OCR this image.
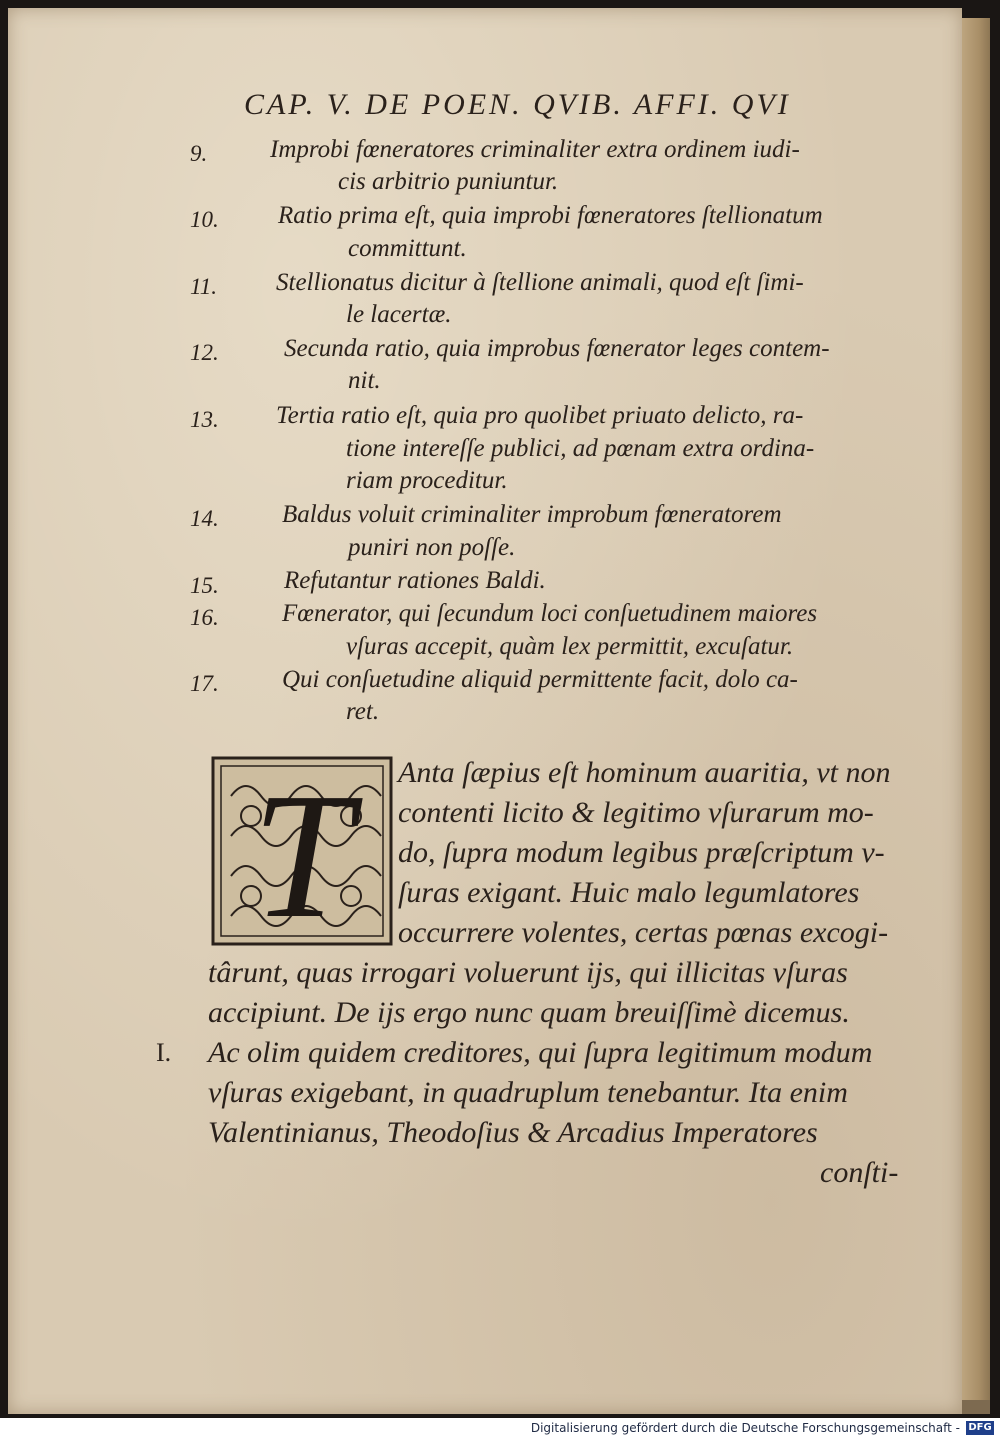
CAP. V. DE POEN. QVIB. AFFI. QVI
9.	Improbi fœneratores criminaliter extra ordinem iudi-
cis arbitrio puniuntur.
10.	Ratio prima eſt, quia improbi fœneratores ſtellionatum
committunt.
11.	Stellionatus dicitur à ſtellione animali, quod eſt ſimi-
le lacertæ.
12.	Secunda ratio, quia improbus fœnerator leges contem-
nit.
13.	Tertia ratio eſt, quia pro quolibet priuato delicto, ra-
tione intereſſe publici, ad pœnam extra ordina-
riam proceditur.
14.	Baldus voluit criminaliter improbum fœneratorem
puniri non poſſe.
15.	Refutantur rationes Baldi.
16.	Fœnerator, qui ſecundum loci conſuetudinem maiores
vſuras accepit, quàm lex permittit, excuſatur.
17.	Qui conſuetudine aliquid permittente facit, dolo ca-
ret.
T	Anta ſæpius eſt hominum auaritia, vt non
contenti licito & legitimo vſurarum mo-
do, ſupra modum legibus præſcriptum v-
ſuras exigant. Huic malo legumlatores
occurrere volentes, certas pœnas excogi-
târunt, quas irrogari voluerunt ijs, qui illicitas vſuras
accipiunt. De ijs ergo nunc quam breuiſſimè dicemus.
Ac olim quidem creditores, qui ſupra legitimum modum
vſuras exigebant, in quadruplum tenebantur. Ita enim
Valentinianus, Theodoſius & Arcadius Imperatores
conſti-
I.
Digitalisierung gefördert durch die Deutsche Forschungsgemeinschaft - DFG
